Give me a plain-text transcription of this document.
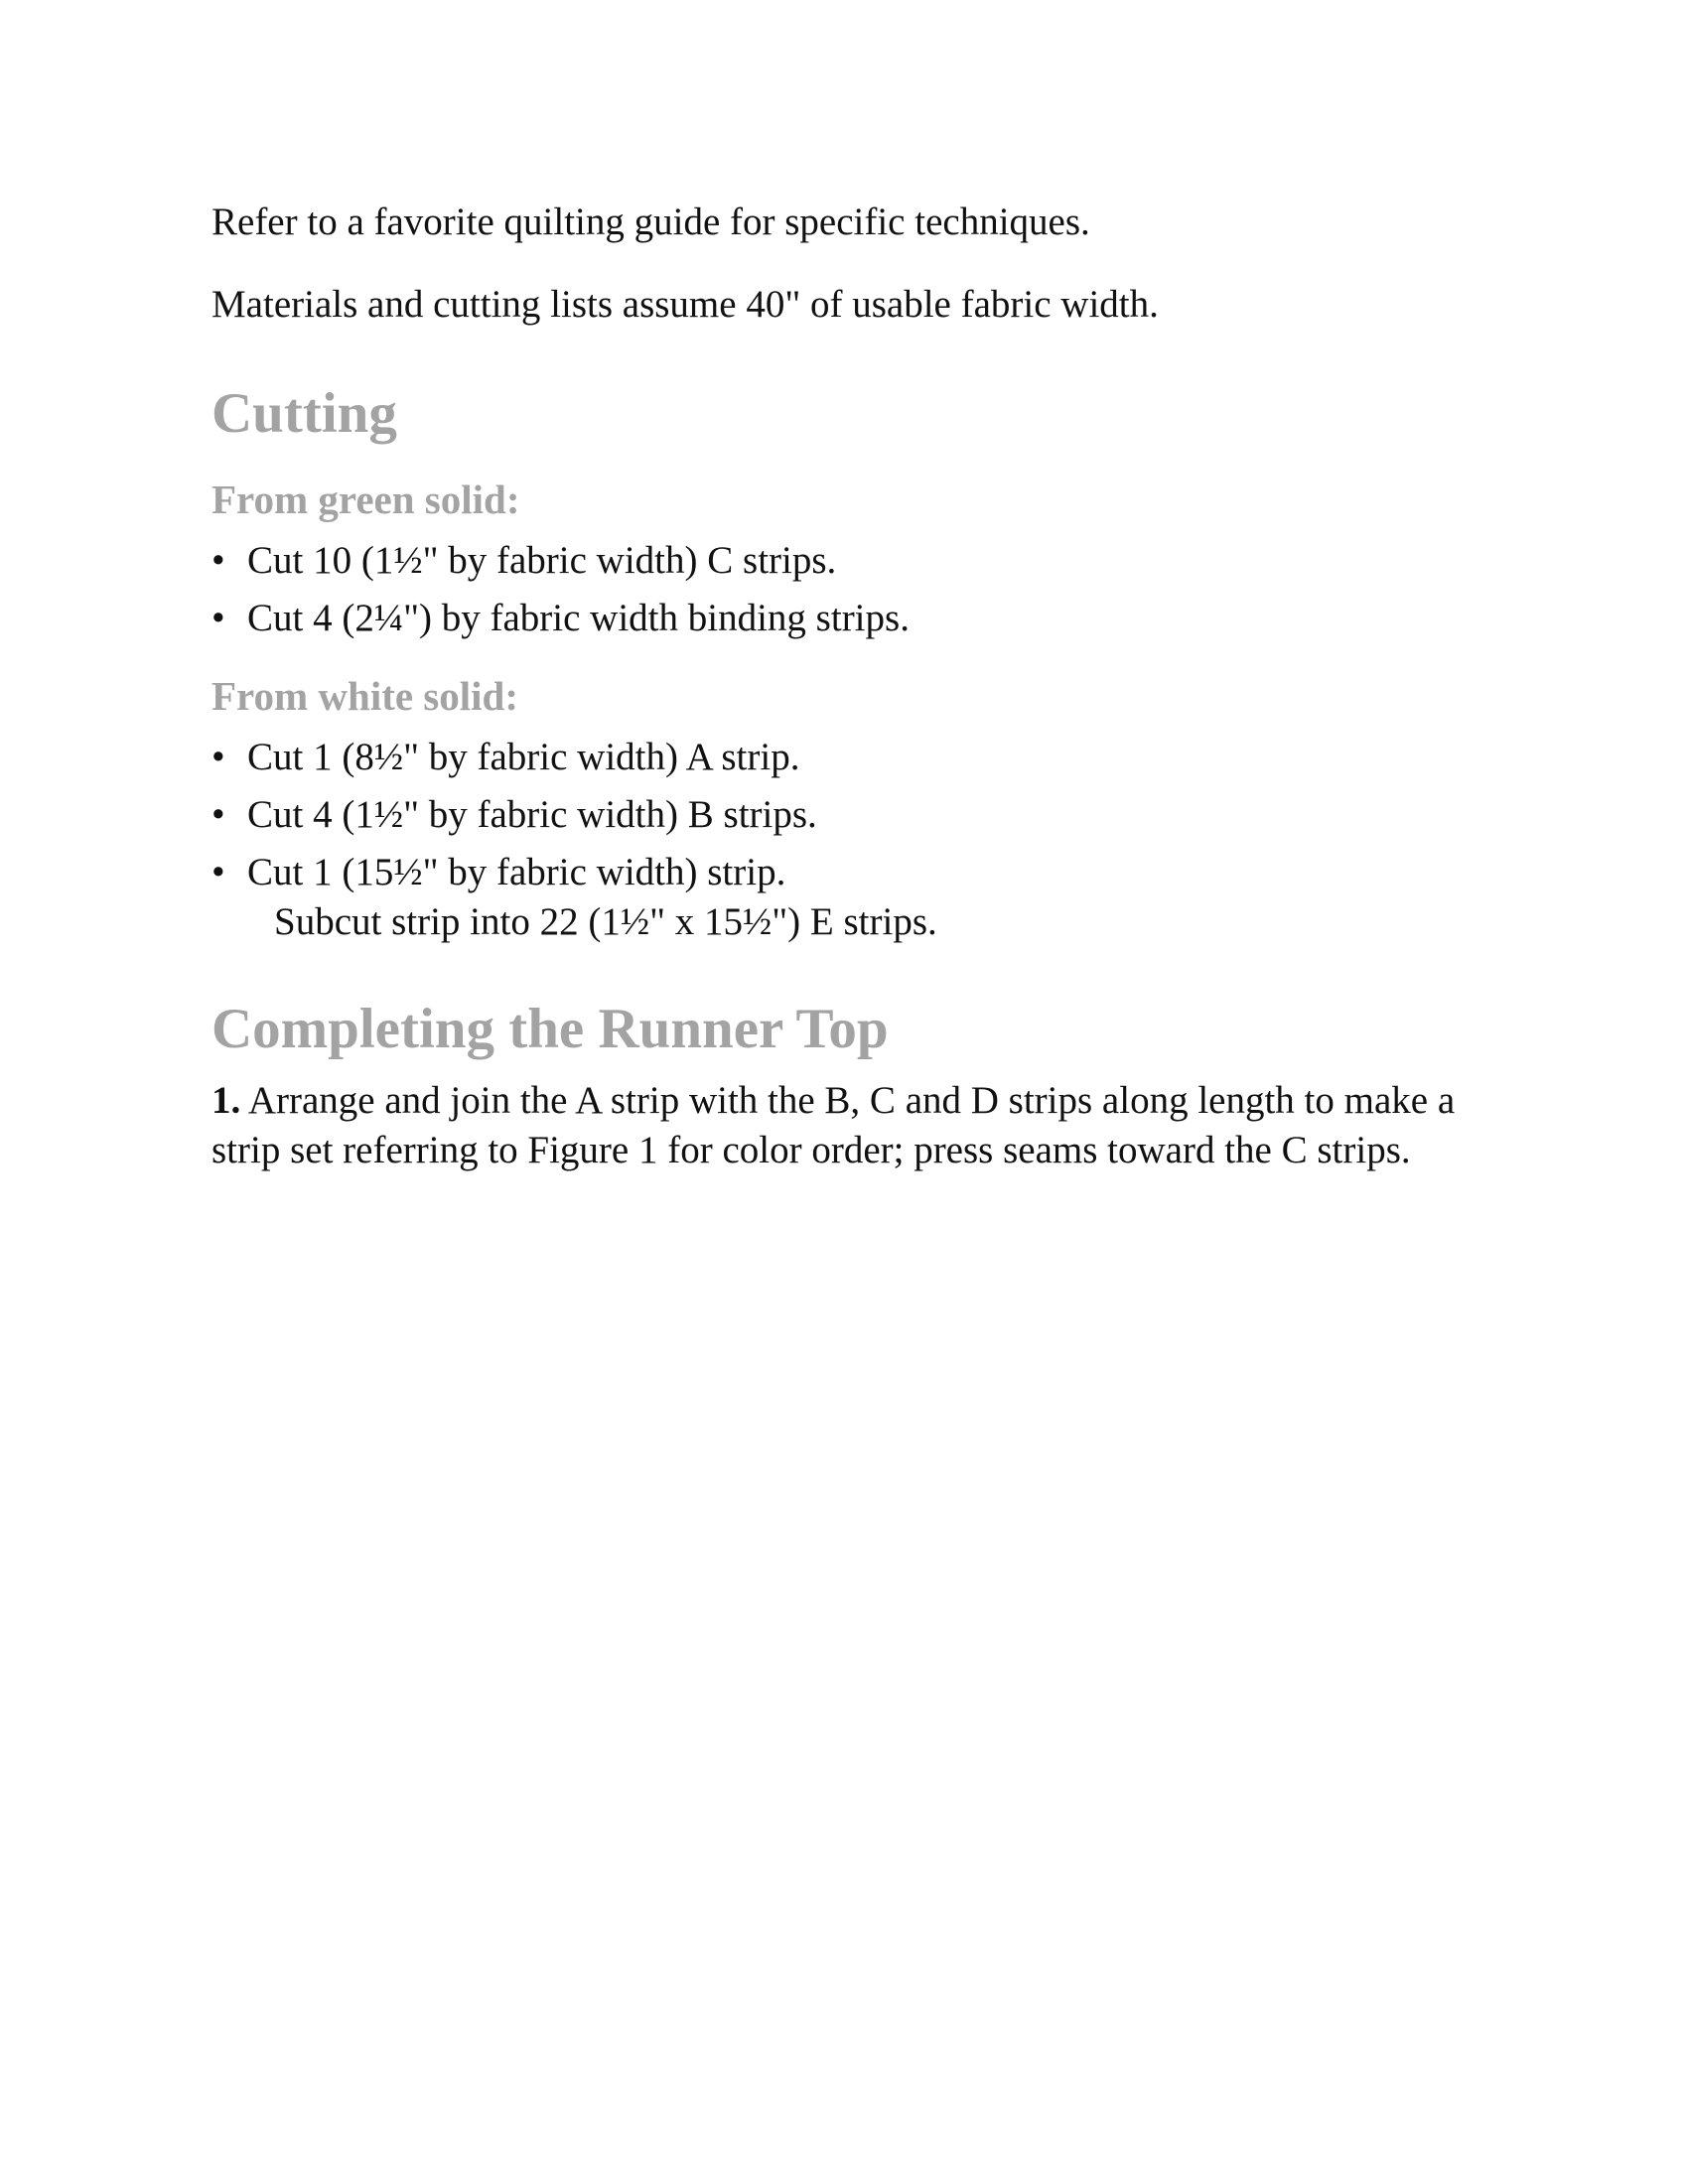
Refer to a favorite quilting guide for specific techniques.
Materials and cutting lists assume 40" of usable fabric width.
Cutting
From green solid:
• Cut 10 (1½" by fabric width) C strips.
• Cut 4 (2¼") by fabric width binding strips.
From white solid:
• Cut 1 (8½" by fabric width) A strip.
• Cut 4 (1½" by fabric width) B strips.
• Cut 1 (15½" by fabric width) strip.
Subcut strip into 22 (1½" x 15½") E strips.
Completing the Runner Top
1. Arrange and join the A strip with the B, C and D strips along length to make a strip set referring to Figure 1 for color order; press seams toward the C strips.
